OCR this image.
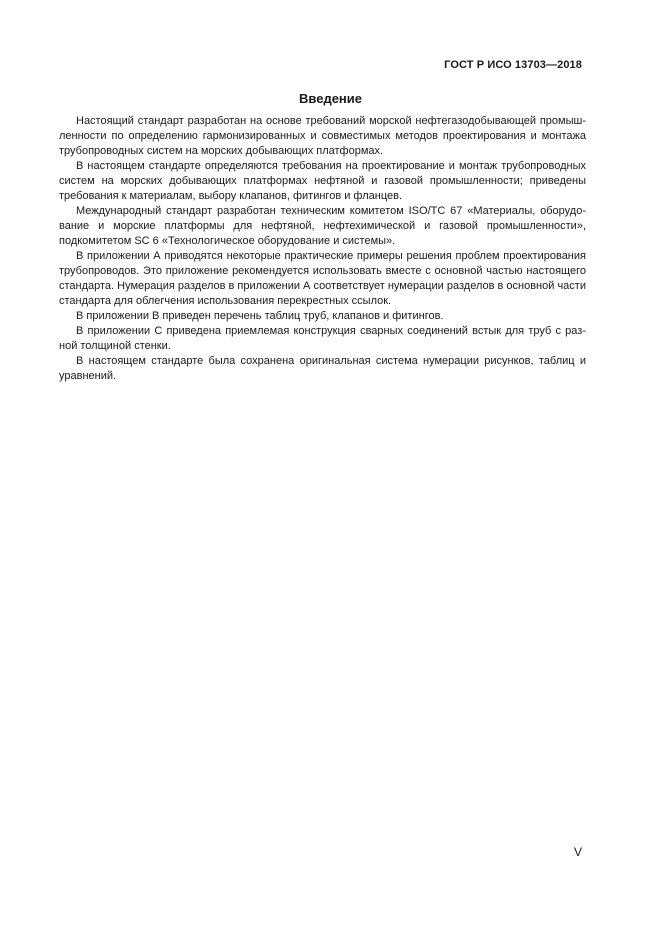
ГОСТ Р ИСО 13703—2018
Введение

Настоящий стандарт разработан на основе требований морской нефтегазодобывающей промышленности по определению гармонизированных и совместимых методов проектирования и монтажа трубопроводных систем на морских добывающих платформах.

В настоящем стандарте определяются требования на проектирование и монтаж трубопроводных систем на морских добывающих платформах нефтяной и газовой промышленности; приведены требования к материалам, выбору клапанов, фитингов и фланцев.

Международный стандарт разработан техническим комитетом ISO/TC 67 «Материалы, оборудование и морские платформы для нефтяной, нефтехимической и газовой промышленности», подкомитетом SC 6 «Технологическое оборудование и системы».

В приложении А приводятся некоторые практические примеры решения проблем проектирования трубопроводов. Это приложение рекомендуется использовать вместе с основной частью настоящего стандарта. Нумерация разделов в приложении А соответствует нумерации разделов в основной части стандарта для облегчения использования перекрестных ссылок.

В приложении В приведен перечень таблиц труб, клапанов и фитингов.

В приложении С приведена приемлемая конструкция сварных соединений встык для труб с разной толщиной стенки.

В настоящем стандарте была сохранена оригинальная система нумерации рисунков, таблиц и уравнений.

V
